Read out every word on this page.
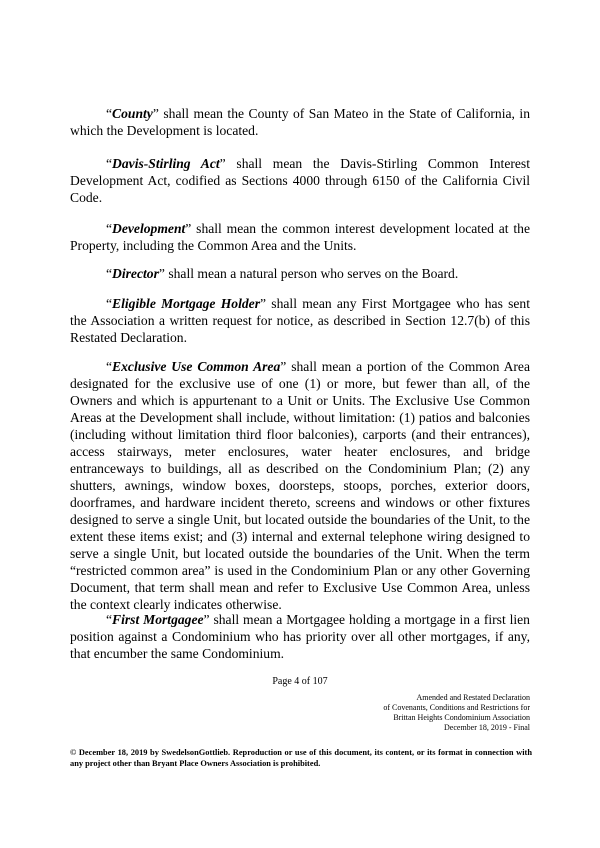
“County” shall mean the County of San Mateo in the State of California, in which the Development is located.

“Davis-Stirling Act” shall mean the Davis-Stirling Common Interest Development Act, codified as Sections 4000 through 6150 of the California Civil Code.

“Development” shall mean the common interest development located at the Property, including the Common Area and the Units.

“Director” shall mean a natural person who serves on the Board.

“Eligible Mortgage Holder” shall mean any First Mortgagee who has sent the Association a written request for notice, as described in Section 12.7(b) of this Restated Declaration.

“Exclusive Use Common Area” shall mean a portion of the Common Area designated for the exclusive use of one (1) or more, but fewer than all, of the Owners and which is appurtenant to a Unit or Units. The Exclusive Use Common Areas at the Development shall include, without limitation: (1) patios and balconies (including without limitation third floor balconies), carports (and their entrances), access stairways, meter enclosures, water heater enclosures, and bridge entranceways to buildings, all as described on the Condominium Plan; (2) any shutters, awnings, window boxes, doorsteps, stoops, porches, exterior doors, doorframes, and hardware incident thereto, screens and windows or other fixtures designed to serve a single Unit, but located outside the boundaries of the Unit, to the extent these items exist; and (3) internal and external telephone wiring designed to serve a single Unit, but located outside the boundaries of the Unit. When the term “restricted common area” is used in the Condominium Plan or any other Governing Document, that term shall mean and refer to Exclusive Use Common Area, unless the context clearly indicates otherwise.

“First Mortgagee” shall mean a Mortgagee holding a mortgage in a first lien position against a Condominium who has priority over all other mortgages, if any, that encumber the same Condominium.

Page 4 of 107
Amended and Restated Declaration
of Covenants, Conditions and Restrictions for
Brittan Heights Condominium Association
December 18, 2019 - Final
© December 18, 2019 by SwedelsonGottlieb. Reproduction or use of this document, its content, or its format in connection with any project other than Bryant Place Owners Association is prohibited.
